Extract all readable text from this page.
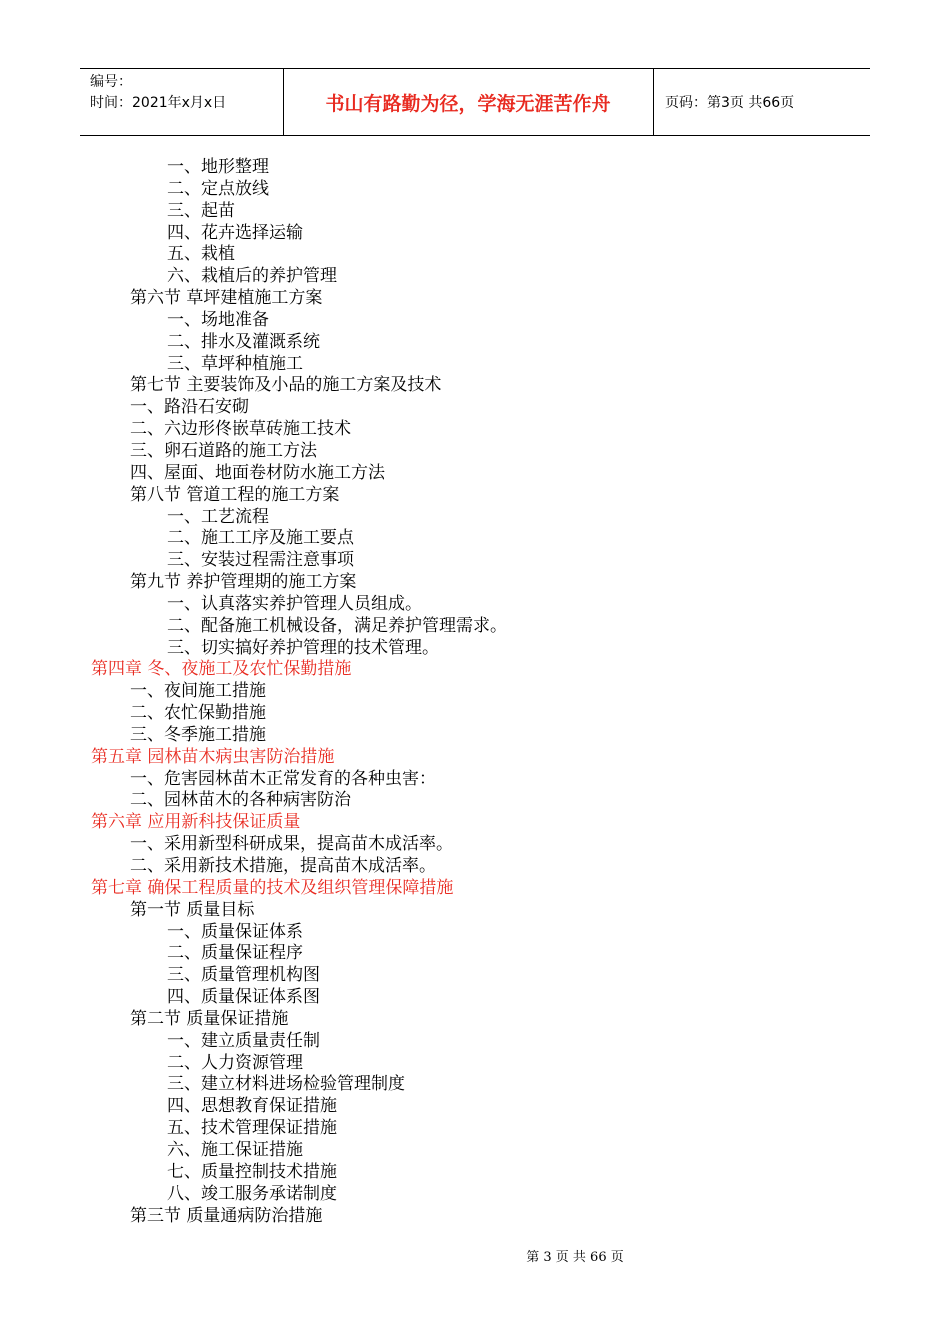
编号：
时间：2021年x月x日	书山有路勤为径，学海无涯苦作舟	页码：第3页 共66页
一、地形整理
二、定点放线
三、起苗
四、花卉选择运输
五、栽植
六、栽植后的养护管理
第六节 草坪建植施工方案
一、场地准备
二、排水及灌溉系统
三、草坪种植施工
第七节 主要装饰及小品的施工方案及技术
一、路沿石安砌
二、六边形佟嵌草砖施工技术
三、卵石道路的施工方法
四、屋面、地面卷材防水施工方法
第八节 管道工程的施工方案
一、工艺流程
二、施工工序及施工要点
三、安装过程需注意事项
第九节 养护管理期的施工方案
一、认真落实养护管理人员组成。
二、配备施工机械设备，满足养护管理需求。
三、切实搞好养护管理的技术管理。
第四章 冬、夜施工及农忙保勤措施
一、夜间施工措施
二、农忙保勤措施
三、冬季施工措施
第五章 园林苗木病虫害防治措施
一、危害园林苗木正常发育的各种虫害：
二、园林苗木的各种病害防治
第六章 应用新科技保证质量
一、采用新型科研成果，提高苗木成活率。
二、采用新技术措施，提高苗木成活率。
第七章 确保工程质量的技术及组织管理保障措施
第一节 质量目标
一、质量保证体系
二、质量保证程序
三、质量管理机构图
四、质量保证体系图
第二节 质量保证措施
一、建立质量责任制
二、人力资源管理
三、建立材料进场检验管理制度
四、思想教育保证措施
五、技术管理保证措施
六、施工保证措施
七、质量控制技术措施
八、竣工服务承诺制度
第三节 质量通病防治措施
第 3 页 共 66 页
